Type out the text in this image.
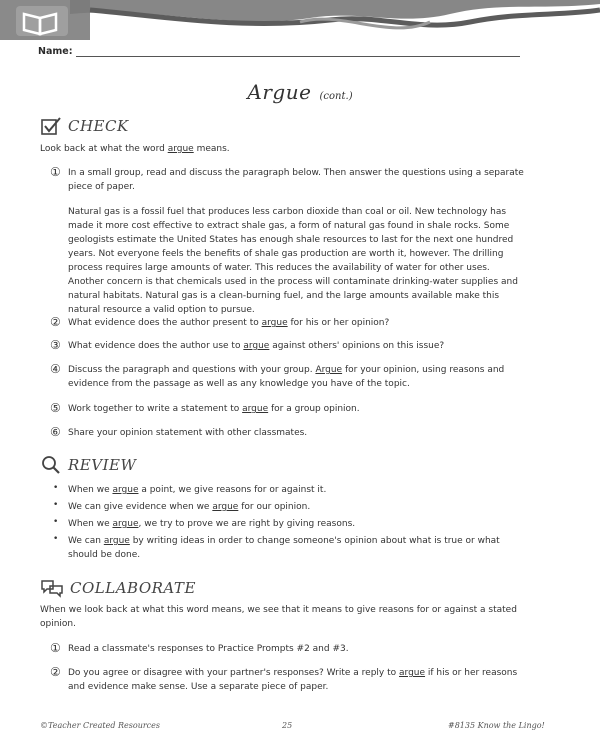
Name:
Argue (cont.)
CHECK
Look back at what the word argue means.
① In a small group, read and discuss the paragraph below. Then answer the questions using a separate piece of paper.
Natural gas is a fossil fuel that produces less carbon dioxide than coal or oil. New technology has made it more cost effective to extract shale gas, a form of natural gas found in shale rocks. Some geologists estimate the United States has enough shale resources to last for the next one hundred years. Not everyone feels the benefits of shale gas production are worth it, however. The drilling process requires large amounts of water. This reduces the availability of water for other uses. Another concern is that chemicals used in the process will contaminate drinking-water supplies and natural habitats. Natural gas is a clean-burning fuel, and the large amounts available make this natural resource a valid option to pursue.
② What evidence does the author present to argue for his or her opinion?
③ What evidence does the author use to argue against others' opinions on this issue?
④ Discuss the paragraph and questions with your group. Argue for your opinion, using reasons and evidence from the passage as well as any knowledge you have of the topic.
⑤ Work together to write a statement to argue for a group opinion.
⑥ Share your opinion statement with other classmates.
REVIEW
• When we argue a point, we give reasons for or against it.
• We can give evidence when we argue for our opinion.
• When we argue, we try to prove we are right by giving reasons.
• We can argue by writing ideas in order to change someone's opinion about what is true or what should be done.
COLLABORATE
When we look back at what this word means, we see that it means to give reasons for or against a stated opinion.
① Read a classmate's responses to Practice Prompts #2 and #3.
② Do you agree or disagree with your partner's responses? Write a reply to argue if his or her reasons and evidence make sense. Use a separate piece of paper.
©Teacher Created Resources	25	#8135 Know the Lingo!
